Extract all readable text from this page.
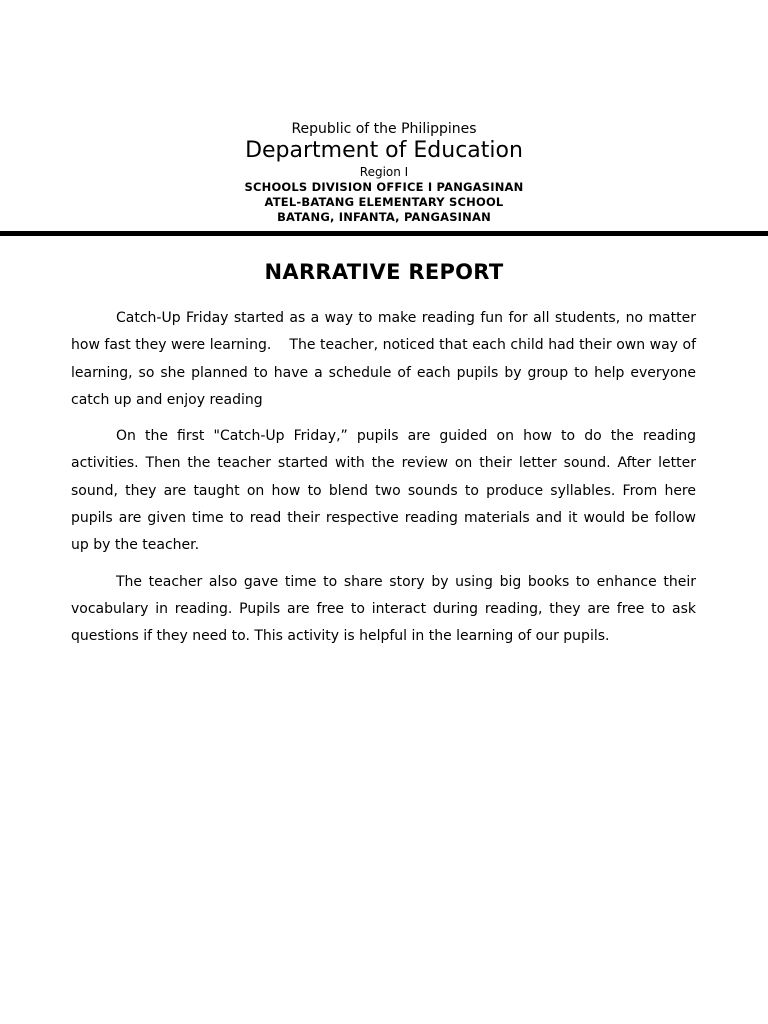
Republic of the Philippines

Department of Education

Region I

SCHOOLS DIVISION OFFICE I PANGASINAN

ATEL-BATANG ELEMENTARY SCHOOL

BATANG, INFANTA, PANGASINAN

NARRATIVE REPORT

Catch-Up Friday started as a way to make reading fun for all students, no matter how fast they were learning.    The teacher, noticed that each child had their own way of learning, so she planned to have a schedule of each pupils by group to help everyone catch up and enjoy reading

On the first "Catch-Up Friday,” pupils are guided on how to do the reading activities. Then the teacher started with the review on their letter sound. After letter sound, they are taught on how to blend two sounds to produce syllables. From here pupils are given time to read their respective reading materials and it would be follow up by the teacher.

The teacher also gave time to share story by using big books to enhance their vocabulary in reading. Pupils are free to interact during reading, they are free to ask questions if they need to. This activity is helpful in the learning of our pupils.
